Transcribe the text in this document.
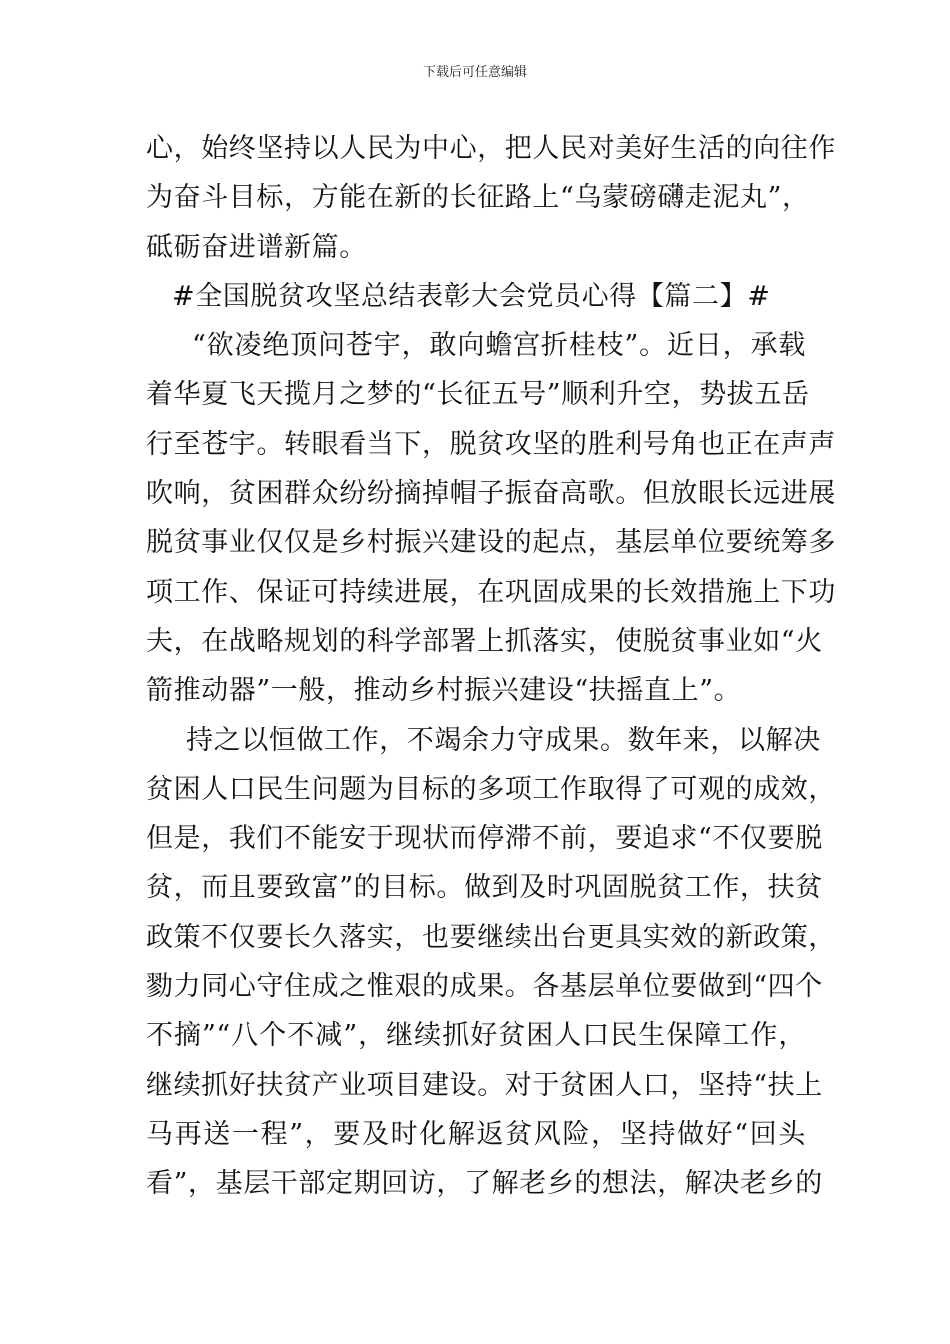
下载后可任意编辑
心，始终坚持以人民为中心，把人民对美好生活的向往作
为奋斗目标，方能在新的长征路上“乌蒙磅礴走泥丸”，
砥砺奋进谱新篇。
#全国脱贫攻坚总结表彰大会党员心得【篇二】#
“欲凌绝顶问苍宇，敢向蟾宫折桂枝”。近日，承载
着华夏飞天揽月之梦的“长征五号”顺利升空，势拔五岳
行至苍宇。转眼看当下，脱贫攻坚的胜利号角也正在声声
吹响，贫困群众纷纷摘掉帽子振奋高歌。但放眼长远进展
脱贫事业仅仅是乡村振兴建设的起点，基层单位要统筹多
项工作、保证可持续进展，在巩固成果的长效措施上下功
夫，在战略规划的科学部署上抓落实，使脱贫事业如“火
箭推动器”一般，推动乡村振兴建设“扶摇直上”。
持之以恒做工作，不竭余力守成果。数年来，以解决
贫困人口民生问题为目标的多项工作取得了可观的成效，
但是，我们不能安于现状而停滞不前，要追求“不仅要脱
贫，而且要致富”的目标。做到及时巩固脱贫工作，扶贫
政策不仅要长久落实，也要继续出台更具实效的新政策，
勠力同心守住成之惟艰的成果。各基层单位要做到“四个
不摘”“八个不减”，继续抓好贫困人口民生保障工作，
继续抓好扶贫产业项目建设。对于贫困人口，坚持“扶上
马再送一程”，要及时化解返贫风险，坚持做好“回头
看”，基层干部定期回访，了解老乡的想法，解决老乡的
